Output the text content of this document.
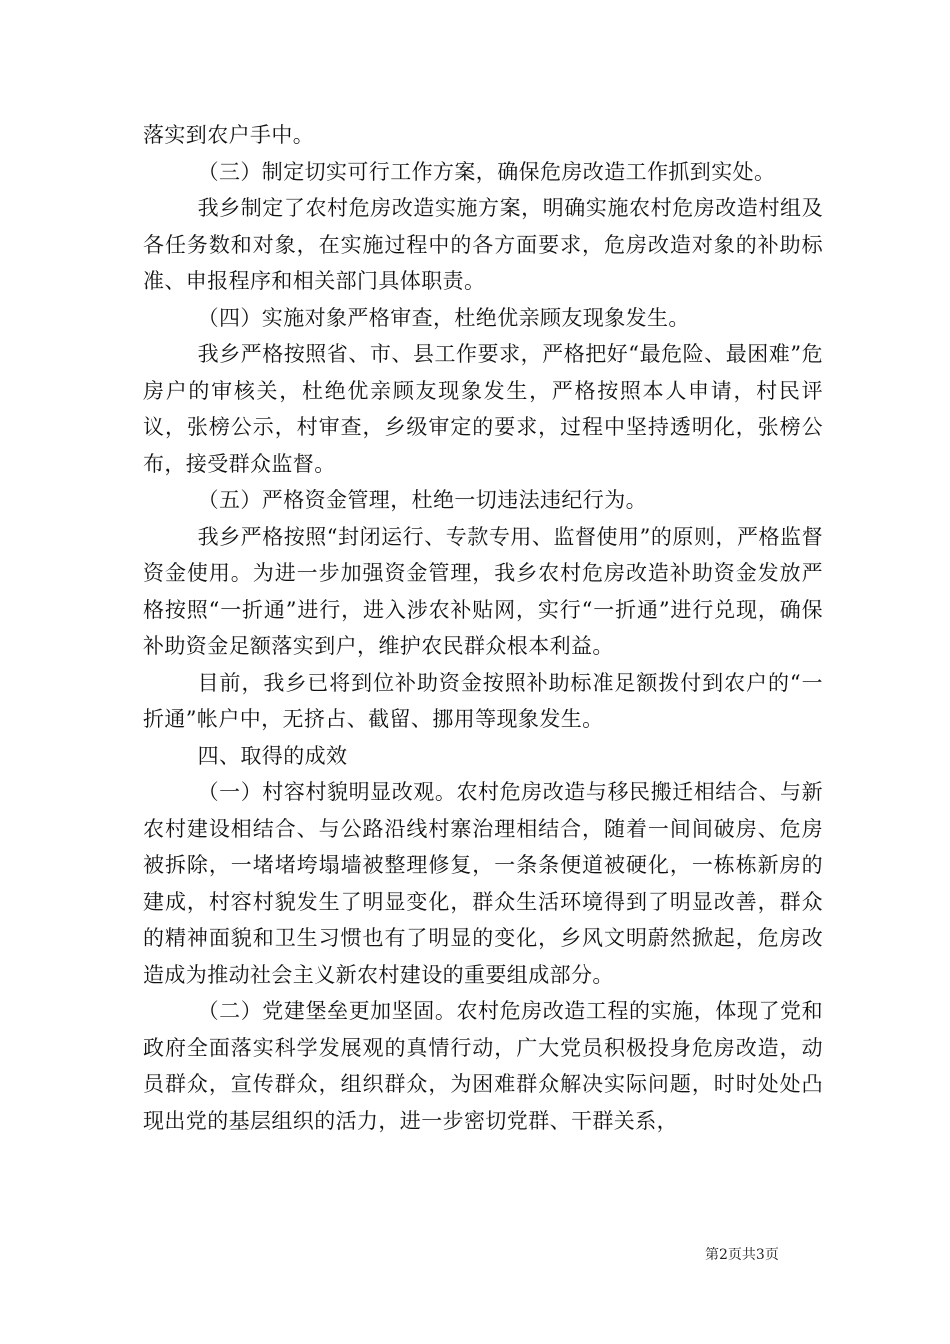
落实到农户手中。

（三）制定切实可行工作方案，确保危房改造工作抓到实处。

我乡制定了农村危房改造实施方案，明确实施农村危房改造村组及各任务数和对象，在实施过程中的各方面要求，危房改造对象的补助标准、申报程序和相关部门具体职责。

（四）实施对象严格审查，杜绝优亲顾友现象发生。

我乡严格按照省、市、县工作要求，严格把好“最危险、最困难”危房户的审核关，杜绝优亲顾友现象发生，严格按照本人申请，村民评议，张榜公示，村审查，乡级审定的要求，过程中坚持透明化，张榜公布，接受群众监督。

（五）严格资金管理，杜绝一切违法违纪行为。

我乡严格按照“封闭运行、专款专用、监督使用”的原则，严格监督资金使用。为进一步加强资金管理，我乡农村危房改造补助资金发放严格按照“一折通”进行，进入涉农补贴网，实行“一折通”进行兑现，确保补助资金足额落实到户，维护农民群众根本利益。

目前，我乡已将到位补助资金按照补助标准足额拨付到农户的“一折通”帐户中，无挤占、截留、挪用等现象发生。

四、取得的成效

（一）村容村貌明显改观。农村危房改造与移民搬迁相结合、与新农村建设相结合、与公路沿线村寨治理相结合，随着一间间破房、危房被拆除，一堵堵垮塌墙被整理修复，一条条便道被硬化，一栋栋新房的建成，村容村貌发生了明显变化，群众生活环境得到了明显改善，群众的精神面貌和卫生习惯也有了明显的变化，乡风文明蔚然掀起，危房改造成为推动社会主义新农村建设的重要组成部分。

（二）党建堡垒更加坚固。农村危房改造工程的实施，体现了党和政府全面落实科学发展观的真情行动，广大党员积极投身危房改造，动员群众，宣传群众，组织群众，为困难群众解决实际问题，时时处处凸现出党的基层组织的活力，进一步密切党群、干群关系，

第2页共3页
